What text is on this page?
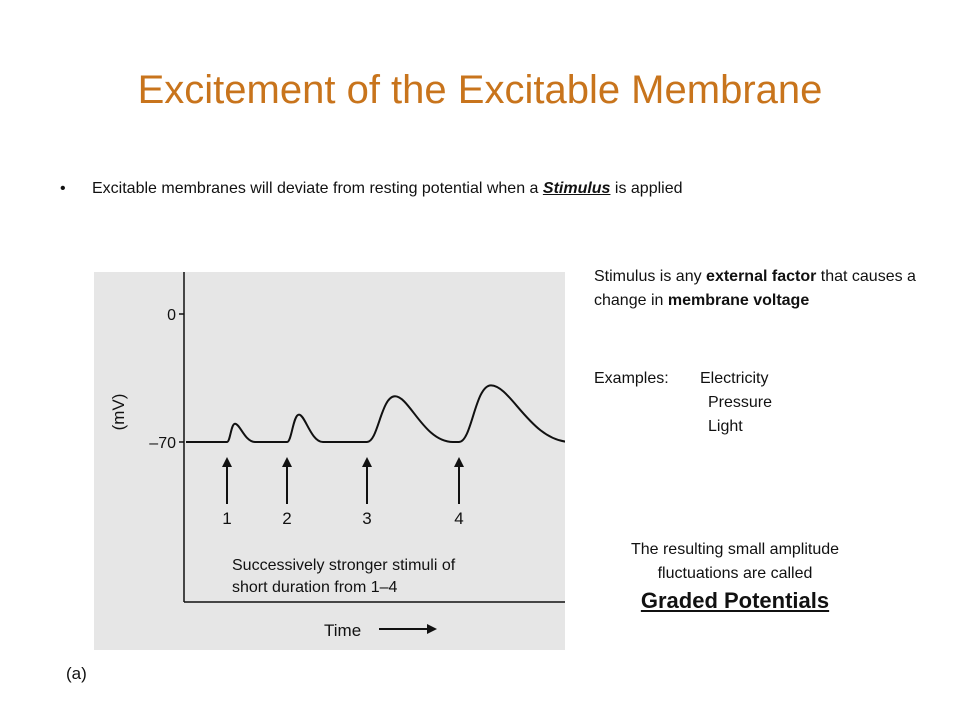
Excitement of the Excitable Membrane
• Excitable membranes will deviate from resting potential when a Stimulus is applied
0
–70
(mV)
1	2	3	4
Successively stronger stimuli of
short duration from 1–4
Time
(a)

Stimulus is any external factor that causes a change in membrane voltage

Examples: Electricity
Pressure
Light
The resulting small amplitude
fluctuations are called
Graded Potentials
